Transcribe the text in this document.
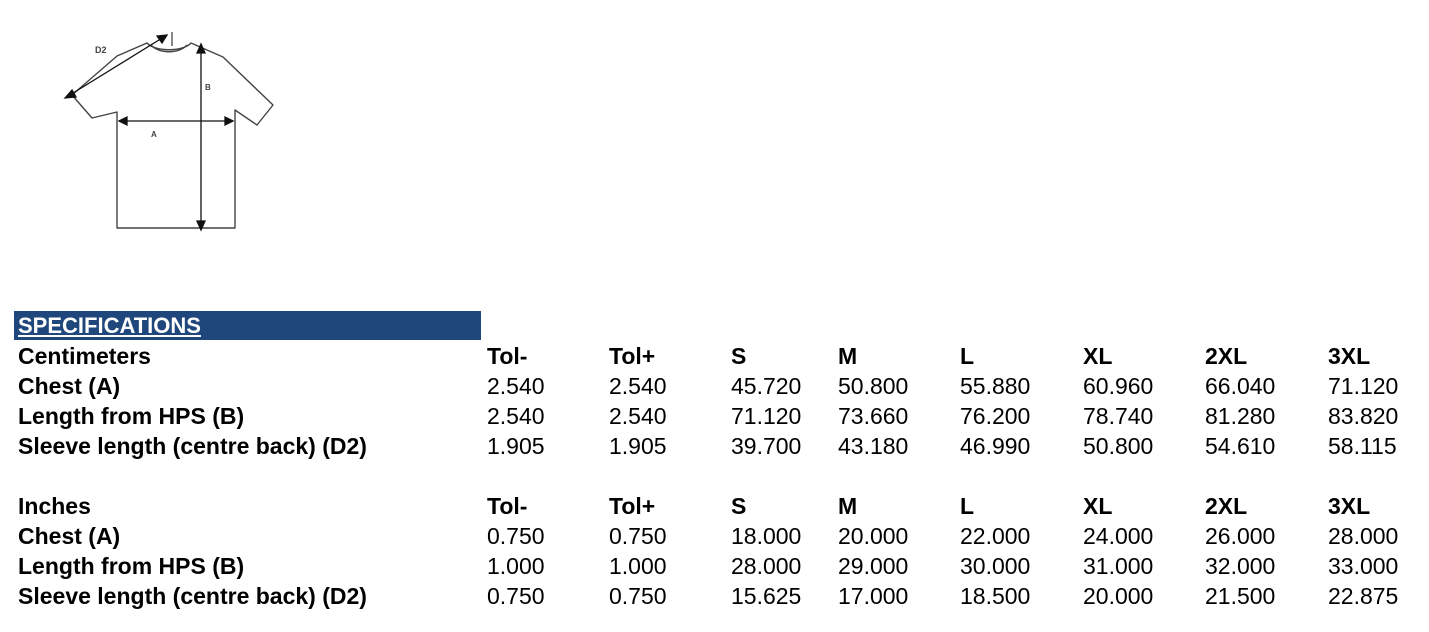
D2
B
A
SPECIFICATIONS
Centimeters	Tol-	Tol+	S	M	L	XL	2XL	3XL
Chest (A)	2.540	2.540	45.720 50.800 55.880 60.960 66.040 71.120
Length from HPS (B)	2.540	2.540	71.120 73.660 76.200 78.740 81.280 83.820
Sleeve length (centre back) (D2)	1.905	1.905	39.700 43.180 46.990 50.800 54.610 58.115
Inches	Tol-	Tol+	S	M	L	XL	2XL	3XL
Chest (A)	0.750	0.750	18.000 20.000 22.000 24.000 26.000 28.000
Length from HPS (B)	1.000	1.000	28.000 29.000 30.000 31.000 32.000 33.000
Sleeve length (centre back) (D2)	0.750	0.750	15.625 17.000 18.500 20.000 21.500 22.875
